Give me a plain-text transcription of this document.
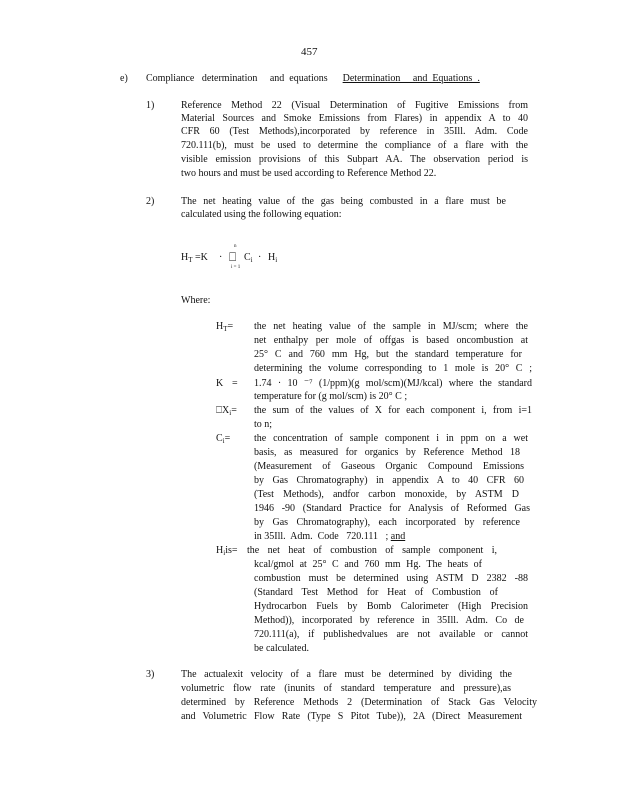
457
e) Compliance   determination     and  equations Determination     and  Equations  .
1)	Reference Method 22 (Visual Determination of Fugitive Emissions from
Material Sources and Smoke Emissions from Flares) in appendix A to 40
CFR 60 (Test Methods),incorporated by reference in 35Ill. Adm. Code
720.111(b), must be used to determine the compliance of a flare with the
visible emission provisions of this Subpart AA. The observation period is
two hours and must be used according to Reference Method 22.
2)	The net heating value of the gas being combusted in a flare must be
calculated using the following equation:
$H_T =K$ ·
n
⎕
i = 1
$C_i \cdot H_i$
Where:
$H_T=$ the net heating value of the sample in MJ/scm; where the
net enthalpy per mole of offgas is based oncombustion at
25° C and 760 mm Hg, but the standard temperature for
determining the volume corresponding to 1 mole is 20° C ;
K = 1.74 · 10 ⁻⁷ (1/ppm)(g mol/scm)(MJ/kcal) where the standard
temperature for (g mol/scm) is 20° C ;
$⎕X_i=$ the sum of the values of X for each component i, from i=1
to n;
$C_i=$ the concentration of sample component i in ppm on a wet
basis, as measured for organics by Reference Method 18
(Measurement of Gaseous Organic Compound Emissions
by Gas Chromatography) in appendix A to 40 CFR 60
(Test Methods), andfor carbon monoxide, by ASTM D
1946 -90 (Standard Practice for Analysis of Reformed Gas
by Gas Chromatography), each incorporated by reference
in 35Ill.  Adm.  Code   720.111   ; and
$H_iis=$ the net heat of combustion of sample component i,
kcal/gmol at 25° C and 760 mm Hg. The heats of
combustion must be determined using ASTM D 2382 -88
(Standard Test Method for Heat of Combustion of
Hydrocarbon Fuels by Bomb Calorimeter (High Precision
Method)), incorporated by reference in 35Ill. Adm. Co de
720.111(a), if publishedvalues are not available or cannot
be calculated.
3)	The actualexit velocity of a flare must be determined by dividing the
volumetric flow rate (inunits of standard temperature and pressure),as
determined by Reference Methods 2 (Determination of Stack Gas Velocity
and Volumetric Flow Rate (Type S Pitot Tube)), 2A (Direct Measurement
